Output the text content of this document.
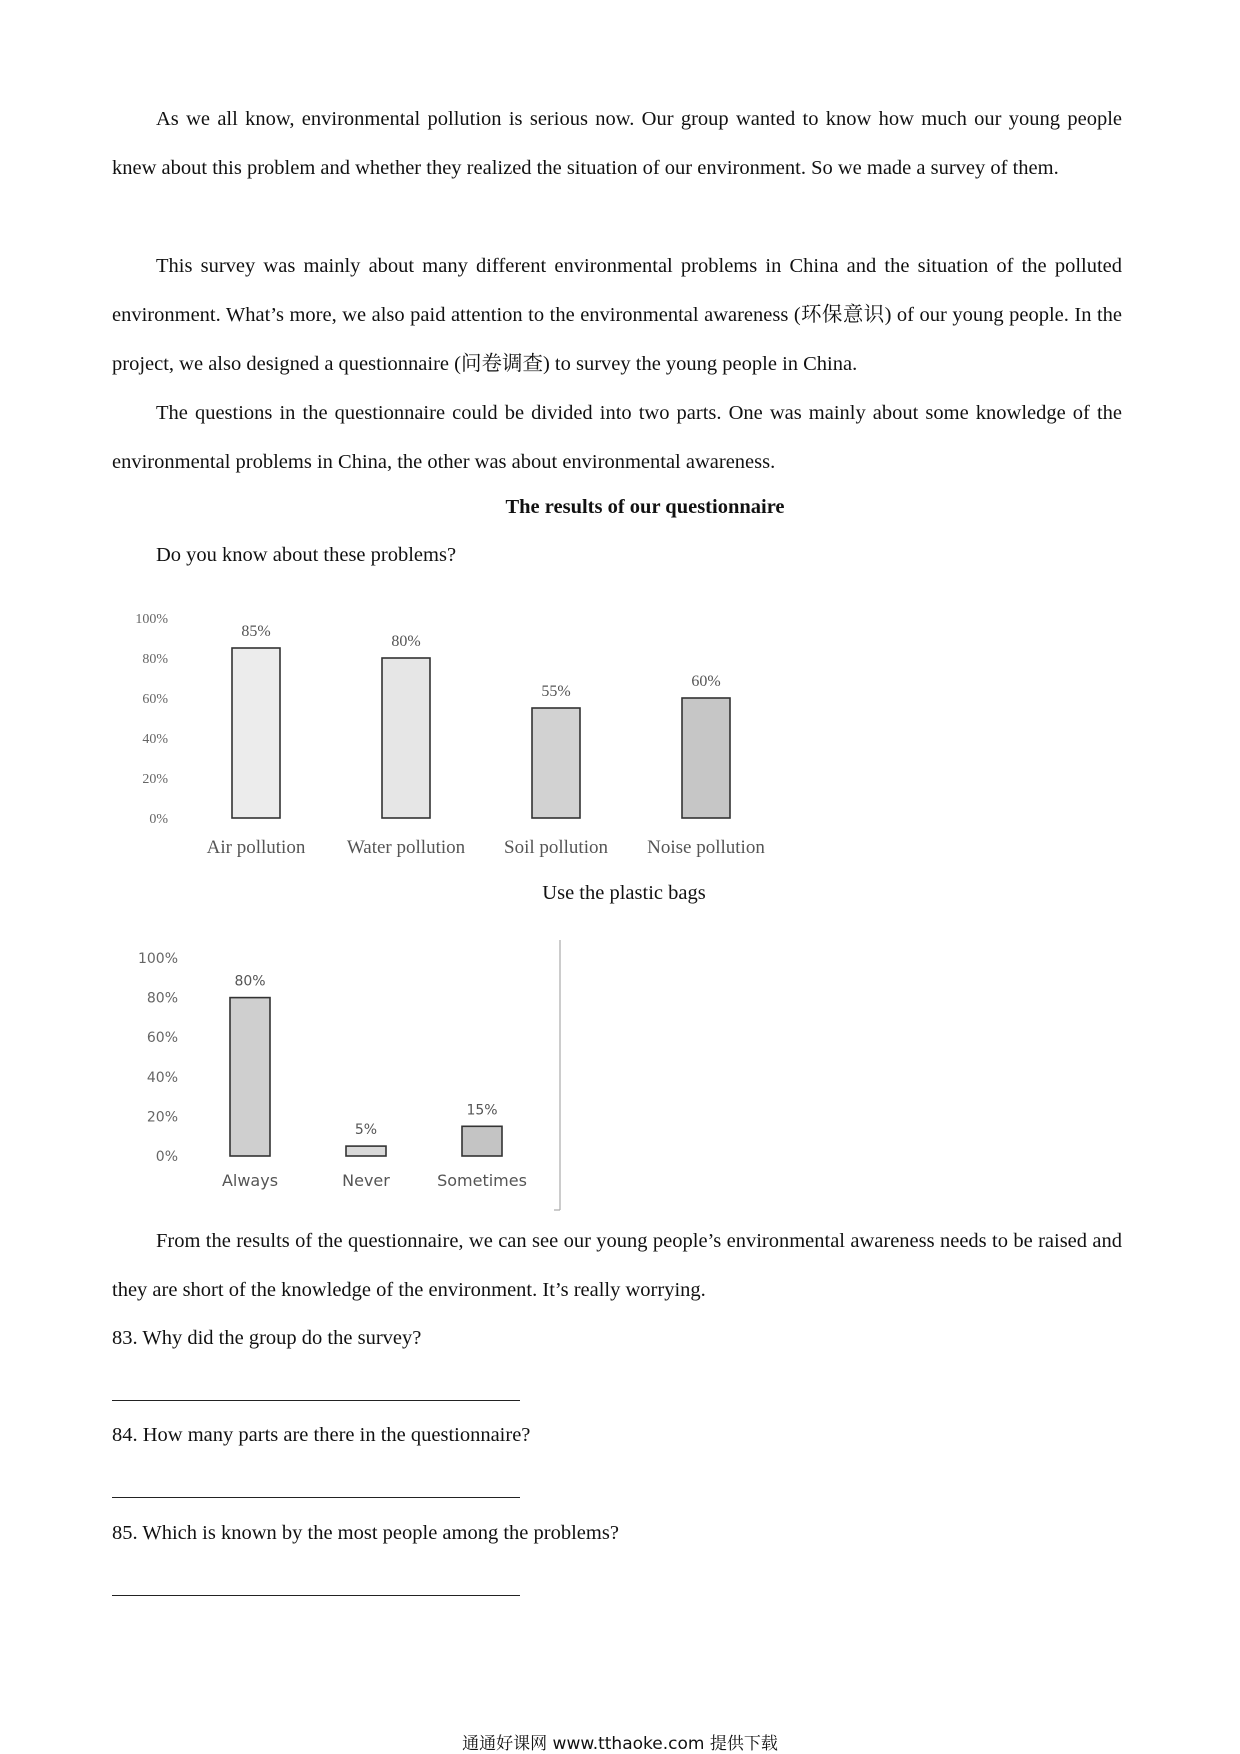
As we all know, environmental pollution is serious now. Our group wanted to know how much our young people knew about this problem and whether they realized the situation of our environment. So we made a survey of them.

This survey was mainly about many different environmental problems in China and the situation of the polluted environment. What’s more, we also paid attention to the environmental awareness (环保意识) of our young people. In the project, we also designed a questionnaire (问卷调查) to survey the young people in China.

The questions in the questionnaire could be divided into two parts. One was mainly about some knowledge of the environmental problems in China, the other was about environmental awareness.

The results of our questionnaire

Do you know about these problems?

0%
20%
40%
60%
80%
100%
85%
Air pollution
80%
Water pollution
55%
Soil pollution
60%
Noise pollution

Use the plastic bags

0%
20%
40%
60%
80%
100%
80%
Always
5%
Never
15%
Sometimes

From the results of the questionnaire, we can see our young people’s environmental awareness needs to be raised and they are short of the knowledge of the environment. It’s really worrying.

83. Why did the group do the survey?

84. How many parts are there in the questionnaire?

85. Which is known by the most people among the problems?

通通好课网 www.tthaoke.com 提供下载
